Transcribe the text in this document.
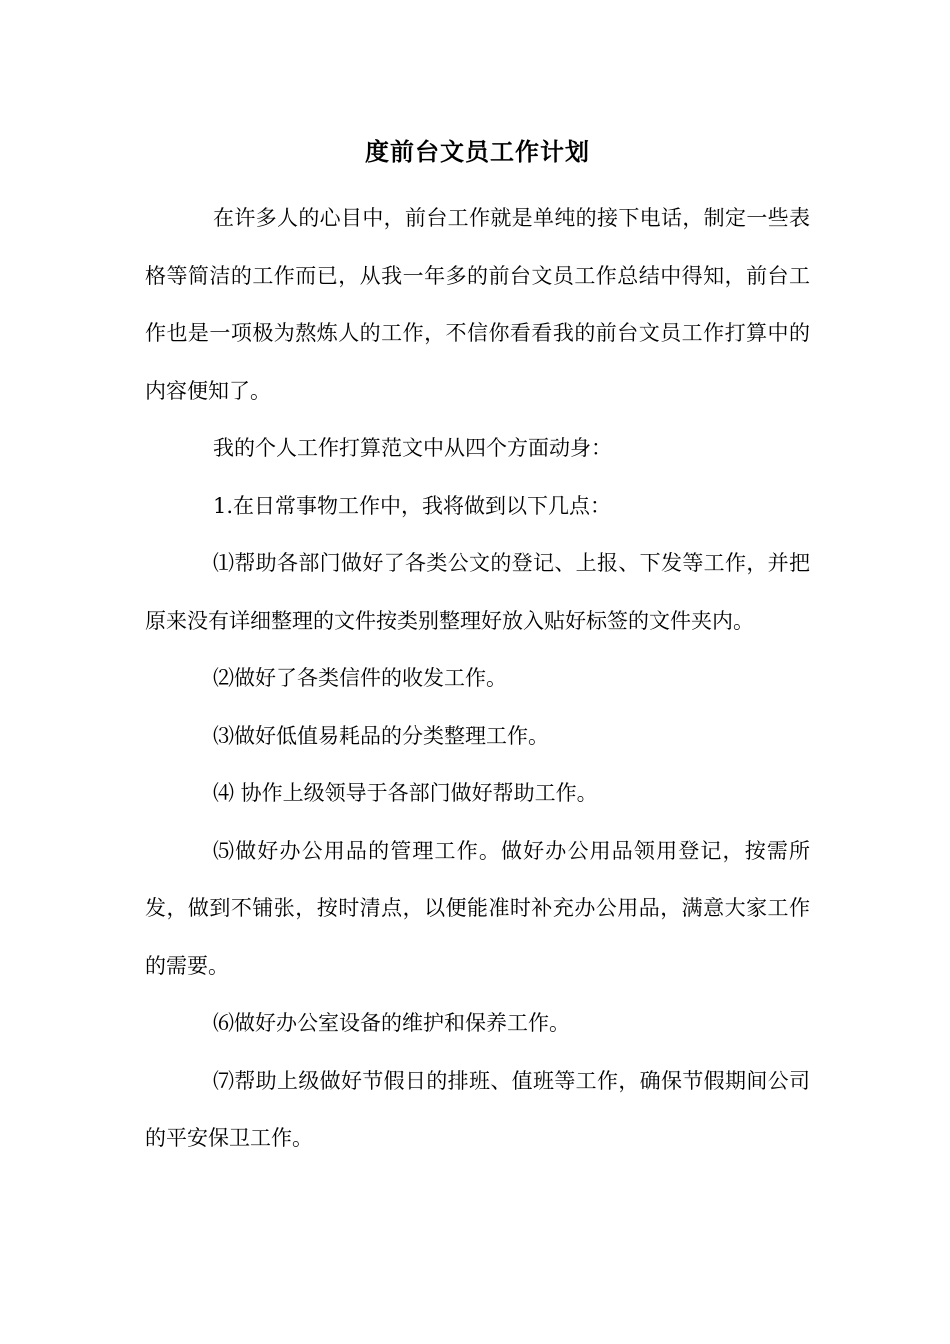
度前台文员工作计划

在许多人的心目中，前台工作就是单纯的接下电话，制定一些表格等简洁的工作而已，从我一年多的前台文员工作总结中得知，前台工作也是一项极为熬炼人的工作，不信你看看我的前台文员工作打算中的内容便知了。

我的个人工作打算范文中从四个方面动身：

1.在日常事物工作中，我将做到以下几点：

⑴帮助各部门做好了各类公文的登记、上报、下发等工作，并把原来没有详细整理的文件按类别整理好放入贴好标签的文件夹内。

⑵做好了各类信件的收发工作。

⑶做好低值易耗品的分类整理工作。

⑷ 协作上级领导于各部门做好帮助工作。

⑸做好办公用品的管理工作。做好办公用品领用登记，按需所发，做到不铺张，按时清点，以便能准时补充办公用品，满意大家工作的需要。

⑹做好办公室设备的维护和保养工作。

⑺帮助上级做好节假日的排班、值班等工作，确保节假期间公司的平安保卫工作。
